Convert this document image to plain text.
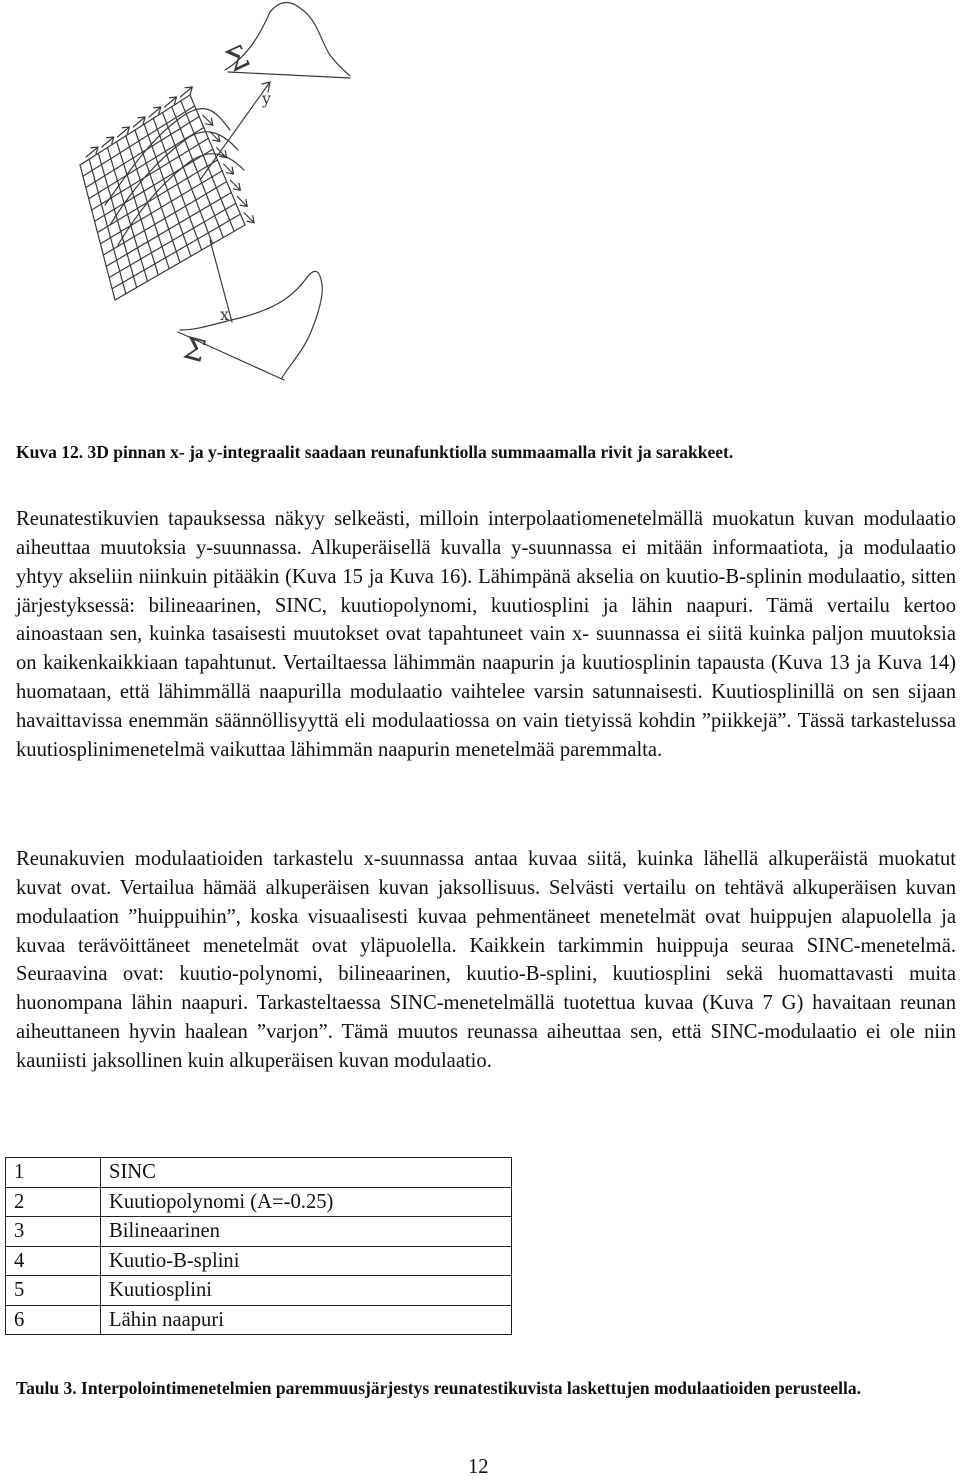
Σ
y
x
Σ

Kuva 12. 3D pinnan x- ja y-integraalit saadaan reunafunktiolla summaamalla rivit ja sarakkeet.

Reunatestikuvien tapauksessa näkyy selkeästi, milloin interpolaatiomenetelmällä muokatun kuvan modulaatio aiheuttaa muutoksia y-suunnassa. Alkuperäisellä kuvalla y-suunnassa ei mitään informaatiota, ja modulaatio yhtyy akseliin niinkuin pitääkin (Kuva 15 ja Kuva 16). Lähimpänä akselia on kuutio-B-splinin modulaatio, sitten järjestyksessä: bilineaarinen, SINC, kuutiopolynomi, kuutiosplini ja lähin naapuri. Tämä vertailu kertoo ainoastaan sen, kuinka tasaisesti muutokset ovat tapahtuneet vain x- suunnassa ei siitä kuinka paljon muutoksia on kaikenkaikkiaan tapahtunut. Vertailtaessa lähimmän naapurin ja kuutiosplinin tapausta (Kuva 13 ja Kuva 14) huomataan, että lähimmällä naapurilla modulaatio vaihtelee varsin satunnaisesti. Kuutiosplinillä on sen sijaan havaittavissa enemmän säännöllisyyttä eli modulaatiossa on vain tietyissä kohdin ”piikkejä”. Tässä tarkastelussa kuutiosplinimenetelmä vaikuttaa lähimmän naapurin menetelmää paremmalta.

Reunakuvien modulaatioiden tarkastelu x-suunnassa antaa kuvaa siitä, kuinka lähellä alkuperäistä muokatut kuvat ovat. Vertailua hämää alkuperäisen kuvan jaksollisuus. Selvästi vertailu on tehtävä alkuperäisen kuvan modulaation ”huippuihin”, koska visuaalisesti kuvaa pehmentäneet menetelmät ovat huippujen alapuolella ja kuvaa terävöittäneet menetelmät ovat yläpuolella. Kaikkein tarkimmin huippuja seuraa SINC-menetelmä. Seuraavina ovat: kuutio-polynomi, bilineaarinen, kuutio-B-splini, kuutiosplini sekä huomattavasti muita huonompana lähin naapuri. Tarkasteltaessa SINC-menetelmällä tuotettua kuvaa (Kuva 7 G) havaitaan reunan aiheuttaneen hyvin haalean ”varjon”. Tämä muutos reunassa aiheuttaa sen, että SINC-modulaatio ei ole niin kauniisti jaksollinen kuin alkuperäisen kuvan modulaatio.

1	SINC
2	Kuutiopolynomi (A=-0.25)
3	Bilineaarinen
4	Kuutio-B-splini
5	Kuutiosplini
6	Lähin naapuri

Taulu 3. Interpolointimenetelmien paremmuusjärjestys reunatestikuvista laskettujen modulaatioiden perusteella.

12
